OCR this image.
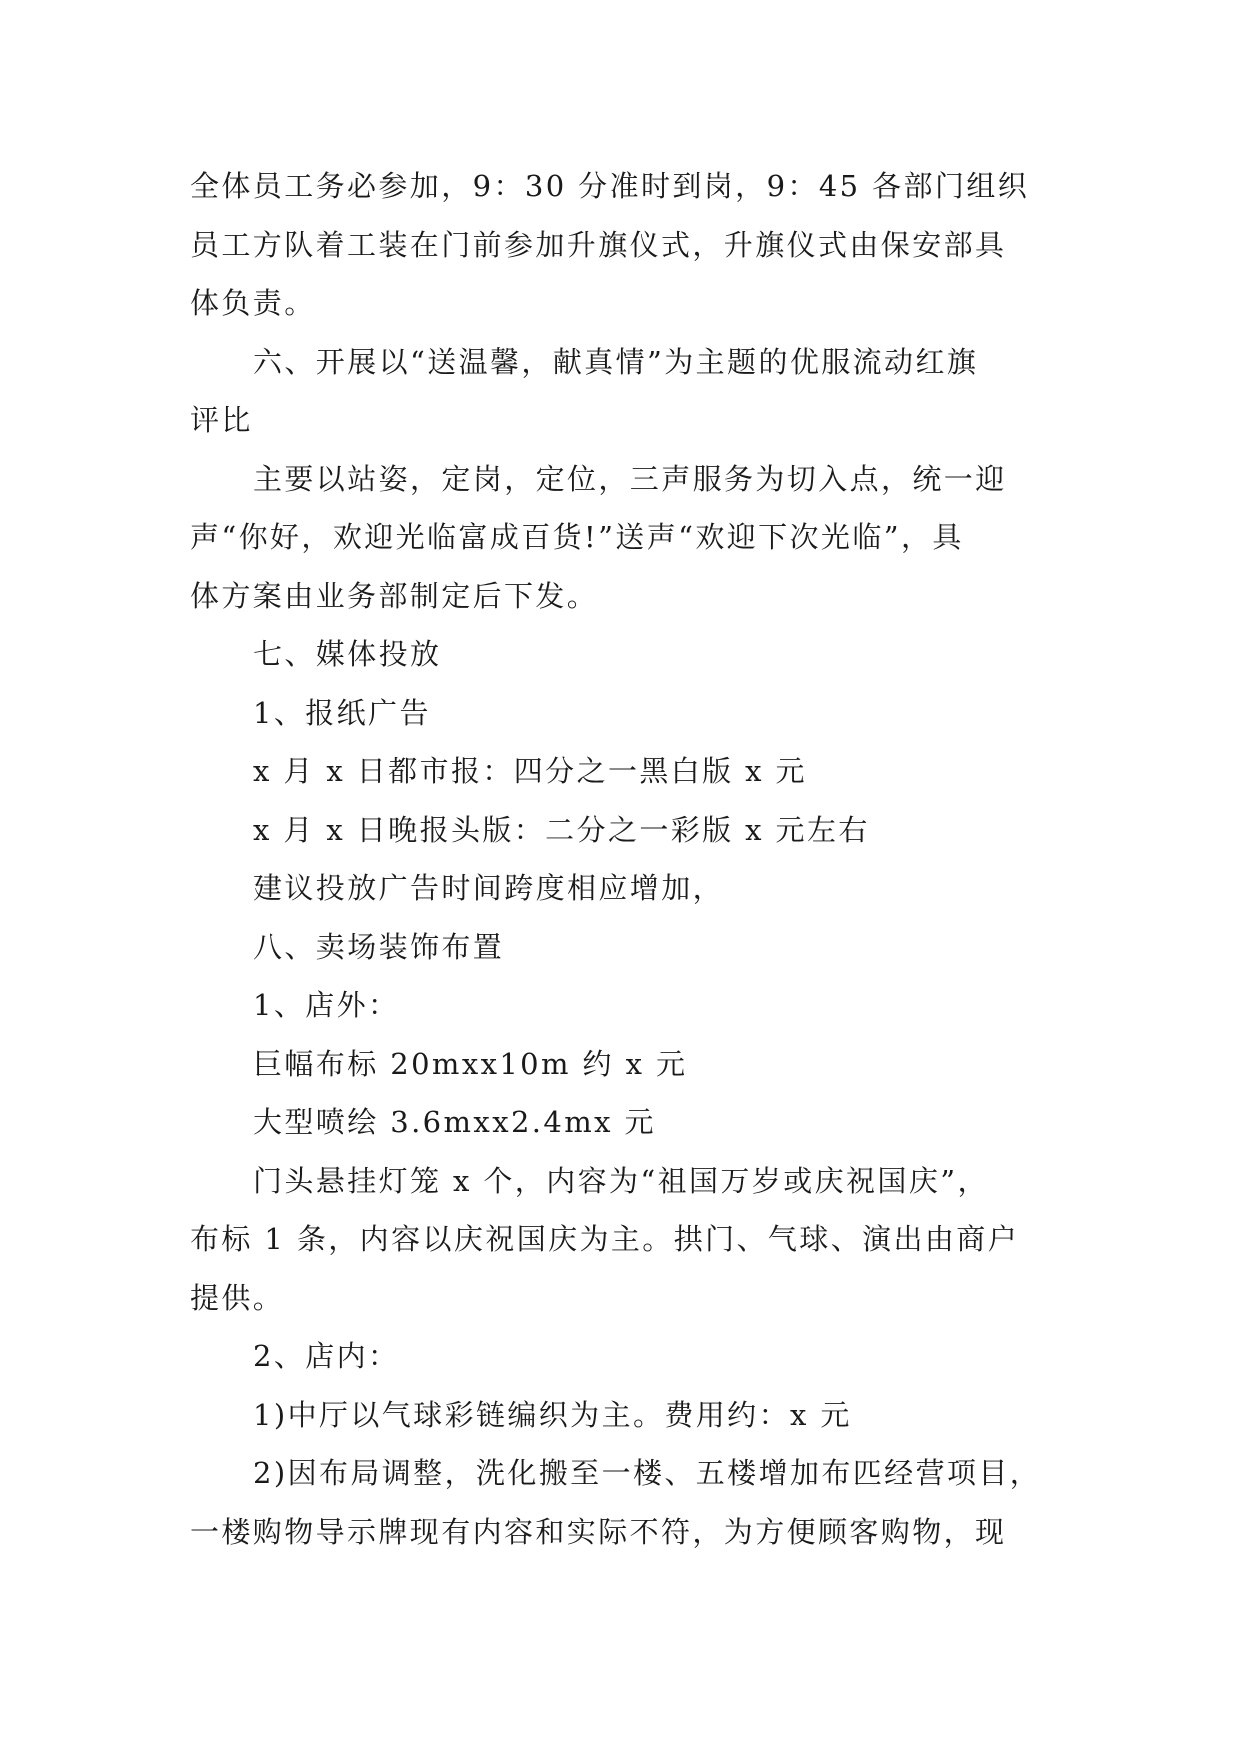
全体员工务必参加，9：30 分准时到岗，9：45 各部门组织
员工方队着工装在门前参加升旗仪式，升旗仪式由保安部具
体负责。
六、开展以“送温馨，献真情”为主题的优服流动红旗
评比
主要以站姿，定岗，定位，三声服务为切入点，统一迎
声“你好，欢迎光临富成百货!”送声“欢迎下次光临”，具
体方案由业务部制定后下发。
七、媒体投放
1、报纸广告
x 月 x 日都市报：四分之一黑白版 x 元
x 月 x 日晚报头版：二分之一彩版 x 元左右
建议投放广告时间跨度相应增加，
八、卖场装饰布置
1、店外：
巨幅布标 20mxx10m 约 x 元
大型喷绘 3.6mxx2.4mx 元
门头悬挂灯笼 x 个，内容为“祖国万岁或庆祝国庆”，
布标 1 条，内容以庆祝国庆为主。拱门、气球、演出由商户
提供。
2、店内：
1)中厅以气球彩链编织为主。费用约：x 元
2)因布局调整，洗化搬至一楼、五楼增加布匹经营项目，
一楼购物导示牌现有内容和实际不符，为方便顾客购物，现
